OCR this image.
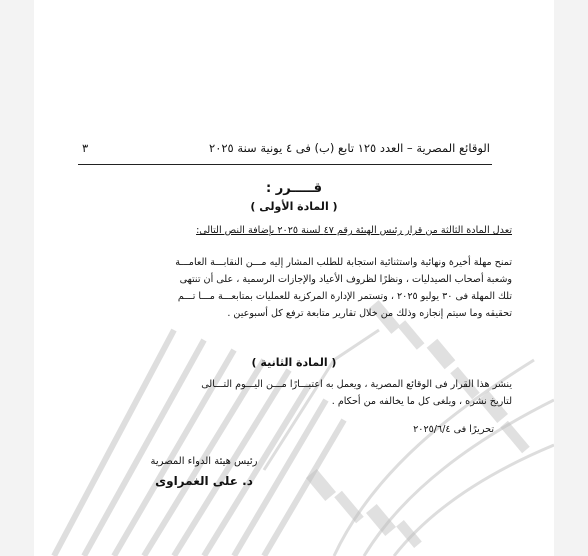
الوقائع المصرية – العدد ١٢٥ تابع (ب) فى ٤ يونية سنة ٢٠٢٥
٣
قـــــرر :
( المادة الأولى )
تعدل المادة الثالثة من قرار رئيس الهيئة رقم ٤٧ لسنة ٢٠٢٥ بإضافة النص التالى:
تمنح مهلة أخيرة ونهائية واستثنائية استجابة للطلب المشار إليه مـــن النقابـــة العامـــة
وشعبة أصحاب الصيدليات ، ونظرًا لظروف الأعياد والإجازات الرسمية ، على أن تنتهى
تلك المهلة فى ٣٠ يوليو ٢٠٢٥ ، وتستمر الإدارة المركزية للعمليات بمتابعـــة مـــا تـــم
تحقيقه وما سيتم إنجازه وذلك من خلال تقارير متابعة ترفع كل أسبوعين .
( المادة الثانية )
ينشر هذا القرار فى الوقائع المصرية ، ويعمل به اعتبـــارًا مـــن اليـــوم التـــالى
لتاريخ نشره ، ويلغى كل ما يخالفه من أحكام .
تحريرًا فى ٢٠٢٥/٦/٤
رئيس هيئة الدواء المصرية
د. على الغمراوى
